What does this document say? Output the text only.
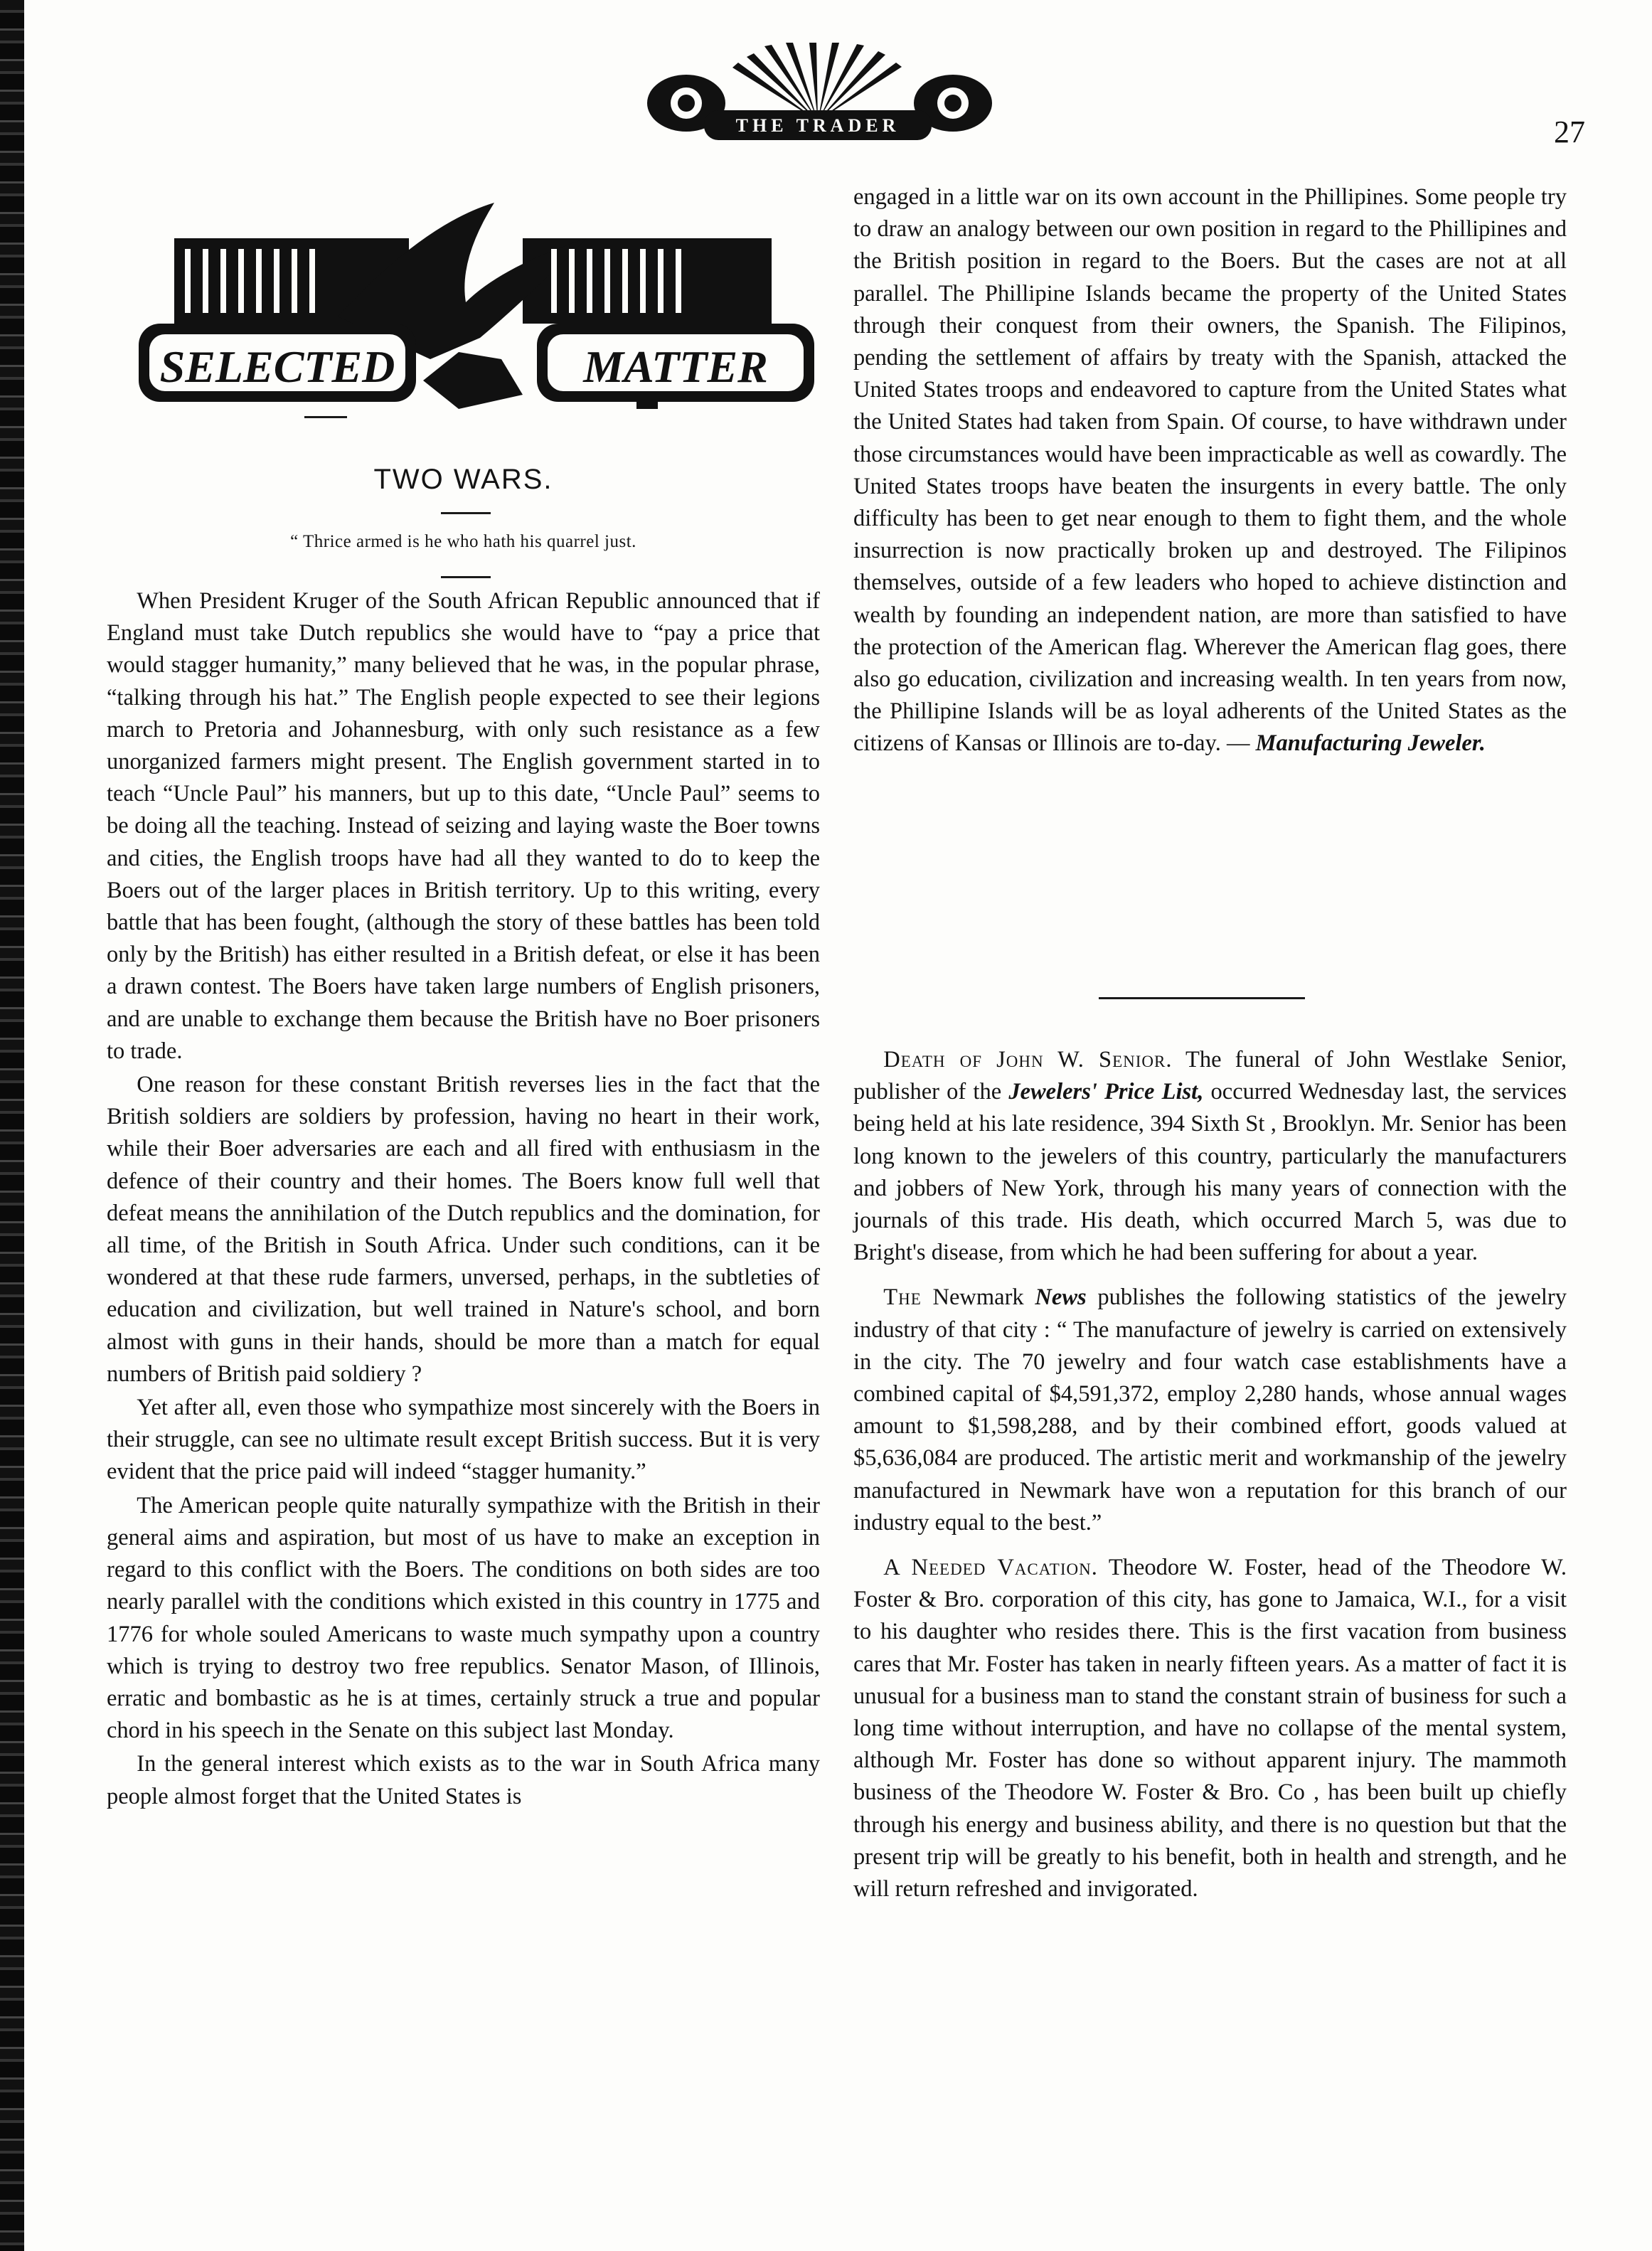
THE TRADER	27
SELECTED	MATTER
TWO WARS.
“ Thrice armed is he who hath his quarrel just.

When President Kruger of the South African Republic announced that if England must take Dutch republics she would have to “pay a price that would stagger humanity,” many believed that he was, in the popular phrase, “talking through his hat.” The English people expected to see their legions march to Pretoria and Johannesburg, with only such resistance as a few unorganized farmers might present. The English government started in to teach “Uncle Paul” his manners, but up to this date, “Uncle Paul” seems to be doing all the teaching. Instead of seizing and laying waste the Boer towns and cities, the English troops have had all they wanted to do to keep the Boers out of the larger places in British territory. Up to this writing, every battle that has been fought, (although the story of these battles has been told only by the British) has either resulted in a British defeat, or else it has been a drawn contest. The Boers have taken large numbers of English prisoners, and are unable to exchange them because the British have no Boer prisoners to trade.

One reason for these constant British reverses lies in the fact that the British soldiers are soldiers by profession, having no heart in their work, while their Boer adversaries are each and all fired with enthusiasm in the defence of their country and their homes. The Boers know full well that defeat means the annihilation of the Dutch republics and the domination, for all time, of the British in South Africa. Under such conditions, can it be wondered at that these rude farmers, unversed, perhaps, in the subtleties of education and civilization, but well trained in Nature's school, and born almost with guns in their hands, should be more than a match for equal numbers of British paid soldiery ?

Yet after all, even those who sympathize most sincerely with the Boers in their struggle, can see no ultimate result except British success. But it is very evident that the price paid will indeed “stagger humanity.”

The American people quite naturally sympathize with the British in their general aims and aspiration, but most of us have to make an exception in regard to this conflict with the Boers. The conditions on both sides are too nearly parallel with the conditions which existed in this country in 1775 and 1776 for whole souled Americans to waste much sympathy upon a country which is trying to destroy two free republics. Senator Mason, of Illinois, erratic and bombastic as he is at times, certainly struck a true and popular chord in his speech in the Senate on this subject last Monday.

In the general interest which exists as to the war in South Africa many people almost forget that the United States is

engaged in a little war on its own account in the Phillipines. Some people try to draw an analogy between our own position in regard to the Phillipines and the British position in regard to the Boers. But the cases are not at all parallel. The Phillipine Islands became the property of the United States through their conquest from their owners, the Spanish. The Filipinos, pending the settlement of affairs by treaty with the Spanish, attacked the United States troops and endeavored to capture from the United States what the United States had taken from Spain. Of course, to have withdrawn under those circumstances would have been impracticable as well as cowardly. The United States troops have beaten the insurgents in every battle. The only difficulty has been to get near enough to them to fight them, and the whole insurrection is now practically broken up and destroyed. The Filipinos themselves, outside of a few leaders who hoped to achieve distinction and wealth by founding an independent nation, are more than satisfied to have the protection of the American flag. Wherever the American flag goes, there also go education, civilization and increasing wealth. In ten years from now, the Phillipine Islands will be as loyal adherents of the United States as the citizens of Kansas or Illinois are to-day. — Manufacturing Jeweler.

Death of John W. Senior. The funeral of John Westlake Senior, publisher of the Jewelers' Price List, occurred Wednesday last, the services being held at his late residence, 394 Sixth St , Brooklyn. Mr. Senior has been long known to the jewelers of this country, particularly the manufacturers and jobbers of New York, through his many years of connection with the journals of this trade. His death, which occurred March 5, was due to Bright's disease, from which he had been suffering for about a year.

The Newmark News publishes the following statistics of the jewelry industry of that city : “ The manufacture of jewelry is carried on extensively in the city. The 70 jewelry and four watch case establishments have a combined capital of $4,591,372, employ 2,280 hands, whose annual wages amount to $1,598,288, and by their combined effort, goods valued at $5,636,084 are produced. The artistic merit and workmanship of the jewelry manufactured in Newmark have won a reputation for this branch of our industry equal to the best.”

A Needed Vacation. Theodore W. Foster, head of the Theodore W. Foster & Bro. corporation of this city, has gone to Jamaica, W.I., for a visit to his daughter who resides there. This is the first vacation from business cares that Mr. Foster has taken in nearly fifteen years. As a matter of fact it is unusual for a business man to stand the constant strain of business for such a long time without interruption, and have no collapse of the mental system, although Mr. Foster has done so without apparent injury. The mammoth business of the Theodore W. Foster & Bro. Co , has been built up chiefly through his energy and business ability, and there is no question but that the present trip will be greatly to his benefit, both in health and strength, and he will return refreshed and invigorated.
